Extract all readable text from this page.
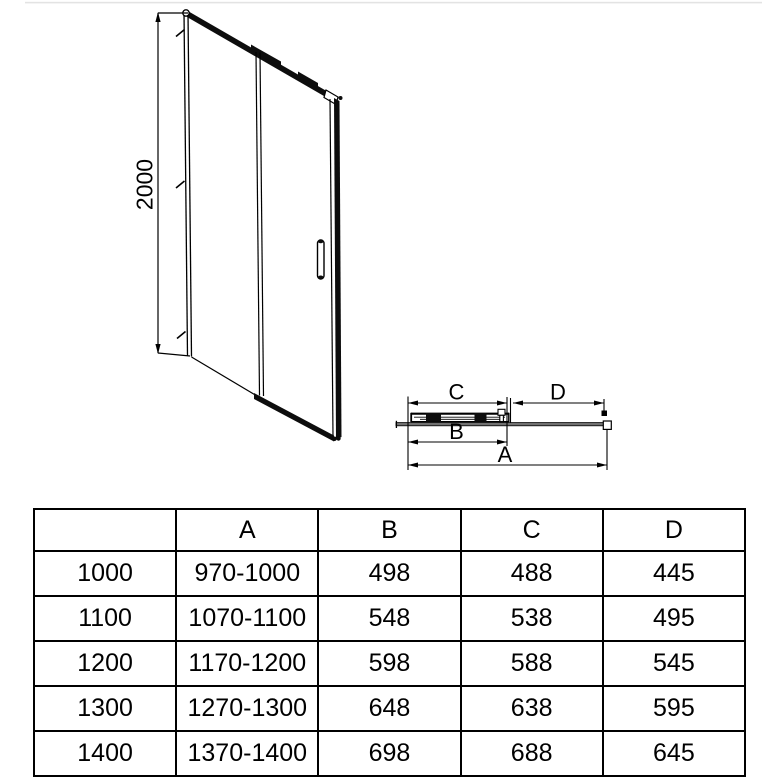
2000
C	D
B
A
	A	B	C	D
1000	970-1000	498	488	445
1100	1070-1100	548	538	495
1200	1170-1200	598	588	545
1300	1270-1300	648	638	595
1400	1370-1400	698	688	645
